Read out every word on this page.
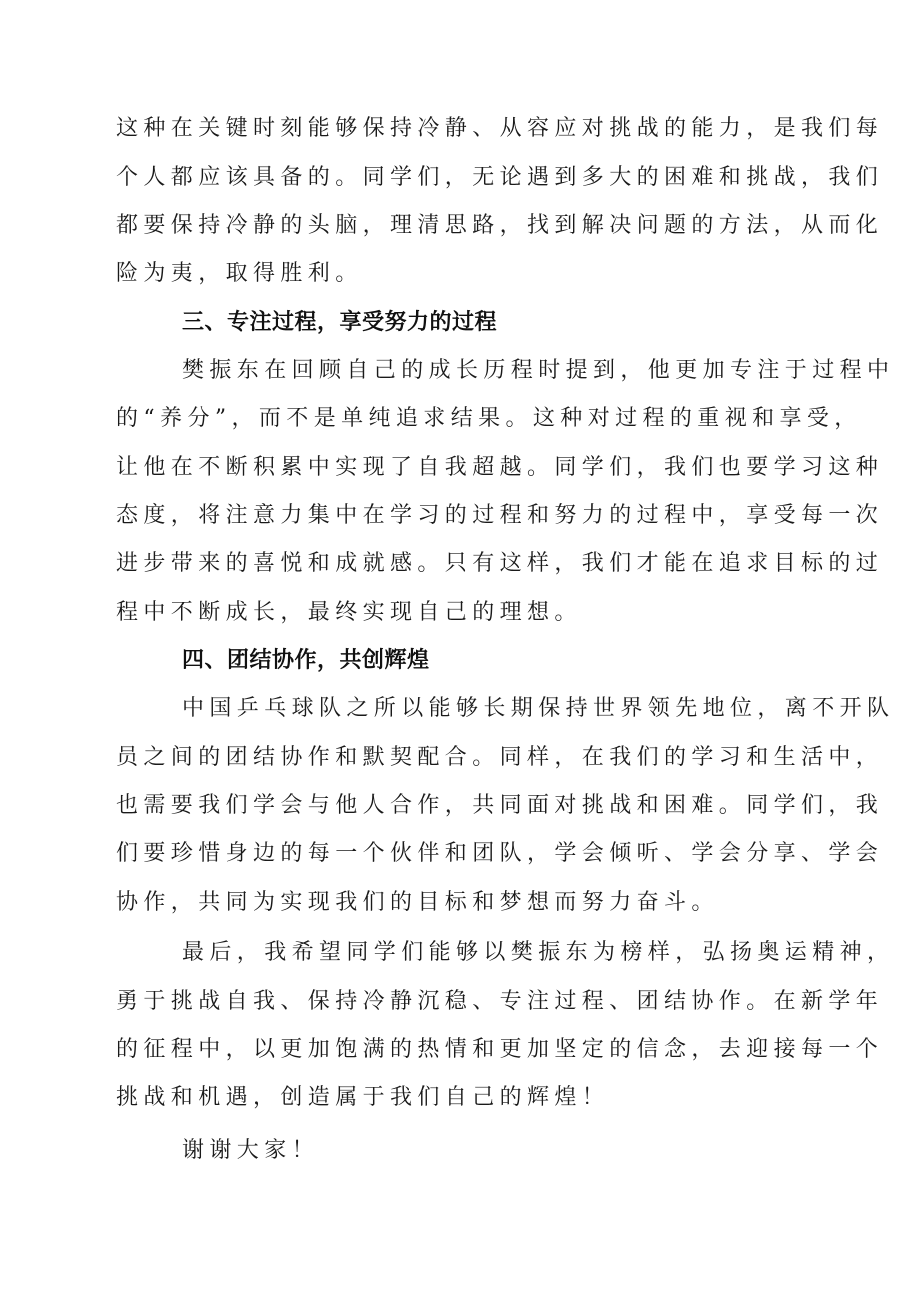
这种在关键时刻能够保持冷静、从容应对挑战的能力，是我们每

个人都应该具备的。同学们，无论遇到多大的困难和挑战，我们

都要保持冷静的头脑，理清思路，找到解决问题的方法，从而化

险为夷，取得胜利。

三、专注过程，享受努力的过程

樊振东在回顾自己的成长历程时提到，他更加专注于过程中

的“养分”，而不是单纯追求结果。这种对过程的重视和享受，

让他在不断积累中实现了自我超越。同学们，我们也要学习这种

态度，将注意力集中在学习的过程和努力的过程中，享受每一次

进步带来的喜悦和成就感。只有这样，我们才能在追求目标的过

程中不断成长，最终实现自己的理想。

四、团结协作，共创辉煌

中国乒乓球队之所以能够长期保持世界领先地位，离不开队

员之间的团结协作和默契配合。同样，在我们的学习和生活中，

也需要我们学会与他人合作，共同面对挑战和困难。同学们，我

们要珍惜身边的每一个伙伴和团队，学会倾听、学会分享、学会

协作，共同为实现我们的目标和梦想而努力奋斗。

最后，我希望同学们能够以樊振东为榜样，弘扬奥运精神，

勇于挑战自我、保持冷静沉稳、专注过程、团结协作。在新学年

的征程中，以更加饱满的热情和更加坚定的信念，去迎接每一个

挑战和机遇，创造属于我们自己的辉煌！

谢谢大家！
